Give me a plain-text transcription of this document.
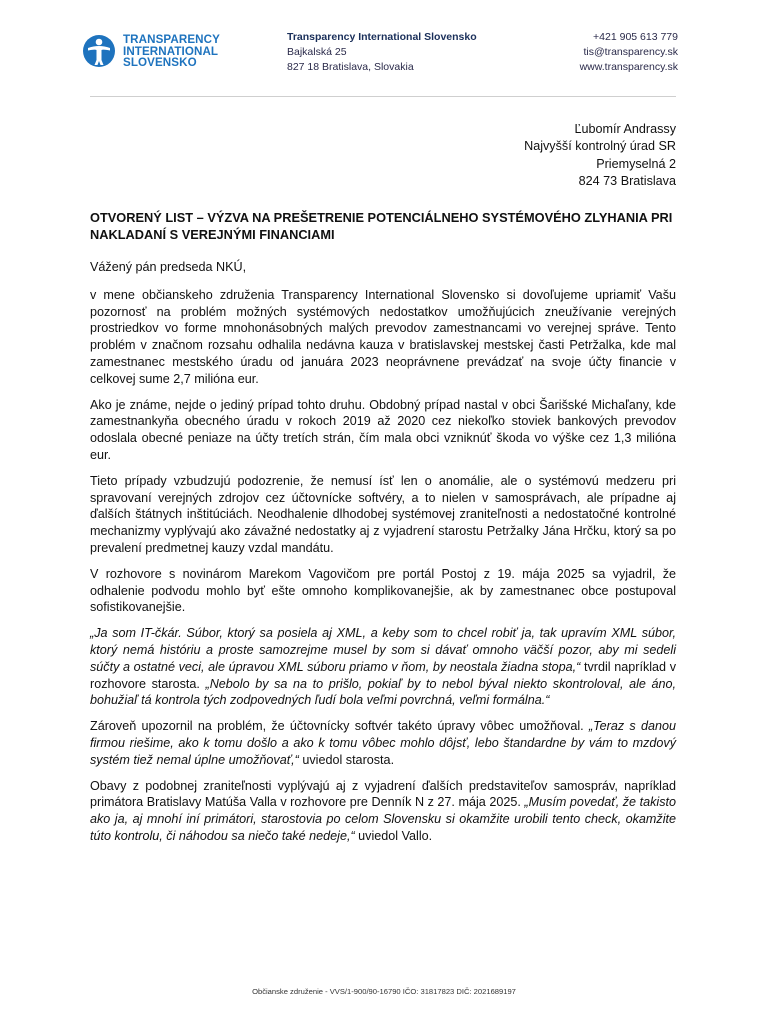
TRANSPARENCY
INTERNATIONAL
SLOVENSKO
Transparency International Slovensko
Bajkalská 25
827 18 Bratislava, Slovakia
+421 905 613 779
tis@transparency.sk
www.transparency.sk
Ľubomír Andrassy
Najvyšší kontrolný úrad SR
Priemyselná 2
824 73 Bratislava
OTVORENÝ LIST – VÝZVA NA PREŠETRENIE POTENCIÁLNEHO SYSTÉMOVÉHO ZLYHANIA PRI NAKLADANÍ S VEREJNÝMI FINANCIAMI

Vážený pán predseda NKÚ,

v mene občianskeho združenia Transparency International Slovensko si dovoľujeme upriamiť Vašu pozornosť na problém možných systémových nedostatkov umožňujúcich zneužívanie verejných prostriedkov vo forme mnohonásobných malých prevodov zamestnancami vo verejnej správe. Tento problém v značnom rozsahu odhalila nedávna kauza v bratislavskej mestskej časti Petržalka, kde mal zamestnanec mestského úradu od januára 2023 neoprávnene prevádzať na svoje účty financie v celkovej sume 2,7 milióna eur.

Ako je známe, nejde o jediný prípad tohto druhu. Obdobný prípad nastal v obci Šarišské Michaľany, kde zamestnankyňa obecného úradu v rokoch 2019 až 2020 cez niekoľko stoviek bankových prevodov odoslala obecné peniaze na účty tretích strán, čím mala obci vzniknúť škoda vo výške cez 1,3 milióna eur.

Tieto prípady vzbudzujú podozrenie, že nemusí ísť len o anomálie, ale o systémovú medzeru pri spravovaní verejných zdrojov cez účtovnícke softvéry, a to nielen v samosprávach, ale prípadne aj ďalších štátnych inštitúciách. Neodhalenie dlhodobej systémovej zraniteľnosti a nedostatočné kontrolné mechanizmy vyplývajú ako závažné nedostatky aj z vyjadrení starostu Petržalky Jána Hrčku, ktorý sa po prevalení predmetnej kauzy vzdal mandátu.

V rozhovore s novinárom Marekom Vagovičom pre portál Postoj z 19. mája 2025 sa vyjadril, že odhalenie podvodu mohlo byť ešte omnoho komplikovanejšie, ak by zamestnanec obce postupoval sofistikovanejšie.

„Ja som IT-čkár. Súbor, ktorý sa posiela aj XML, a keby som to chcel robiť ja, tak upravím XML súbor, ktorý nemá históriu a proste samozrejme musel by som si dávať omnoho väčší pozor, aby mi sedeli súčty a ostatné veci, ale úpravou XML súboru priamo v ňom, by neostala žiadna stopa,“ tvrdil napríklad v rozhovore starosta. „Nebolo by sa na to prišlo, pokiaľ by to nebol býval niekto skontroloval, ale áno, bohužiaľ tá kontrola tých zodpovedných ľudí bola veľmi povrchná, veľmi formálna.“

Zároveň upozornil na problém, že účtovnícky softvér takéto úpravy vôbec umožňoval. „Teraz s danou firmou riešime, ako k tomu došlo a ako k tomu vôbec mohlo dôjsť, lebo štandardne by vám to mzdový systém tiež nemal úplne umožňovať,“ uviedol starosta.

Obavy z podobnej zraniteľnosti vyplývajú aj z vyjadrení ďalších predstaviteľov samospráv, napríklad primátora Bratislavy Matúša Valla v rozhovore pre Denník N z 27. mája 2025. „Musím povedať, že takisto ako ja, aj mnohí iní primátori, starostovia po celom Slovensku si okamžite urobili tento check, okamžite túto kontrolu, či náhodou sa niečo také nedeje,“ uviedol Vallo.

Občianske združenie - VVS/1-900/90-16790 IČO: 31817823 DIČ: 2021689197
